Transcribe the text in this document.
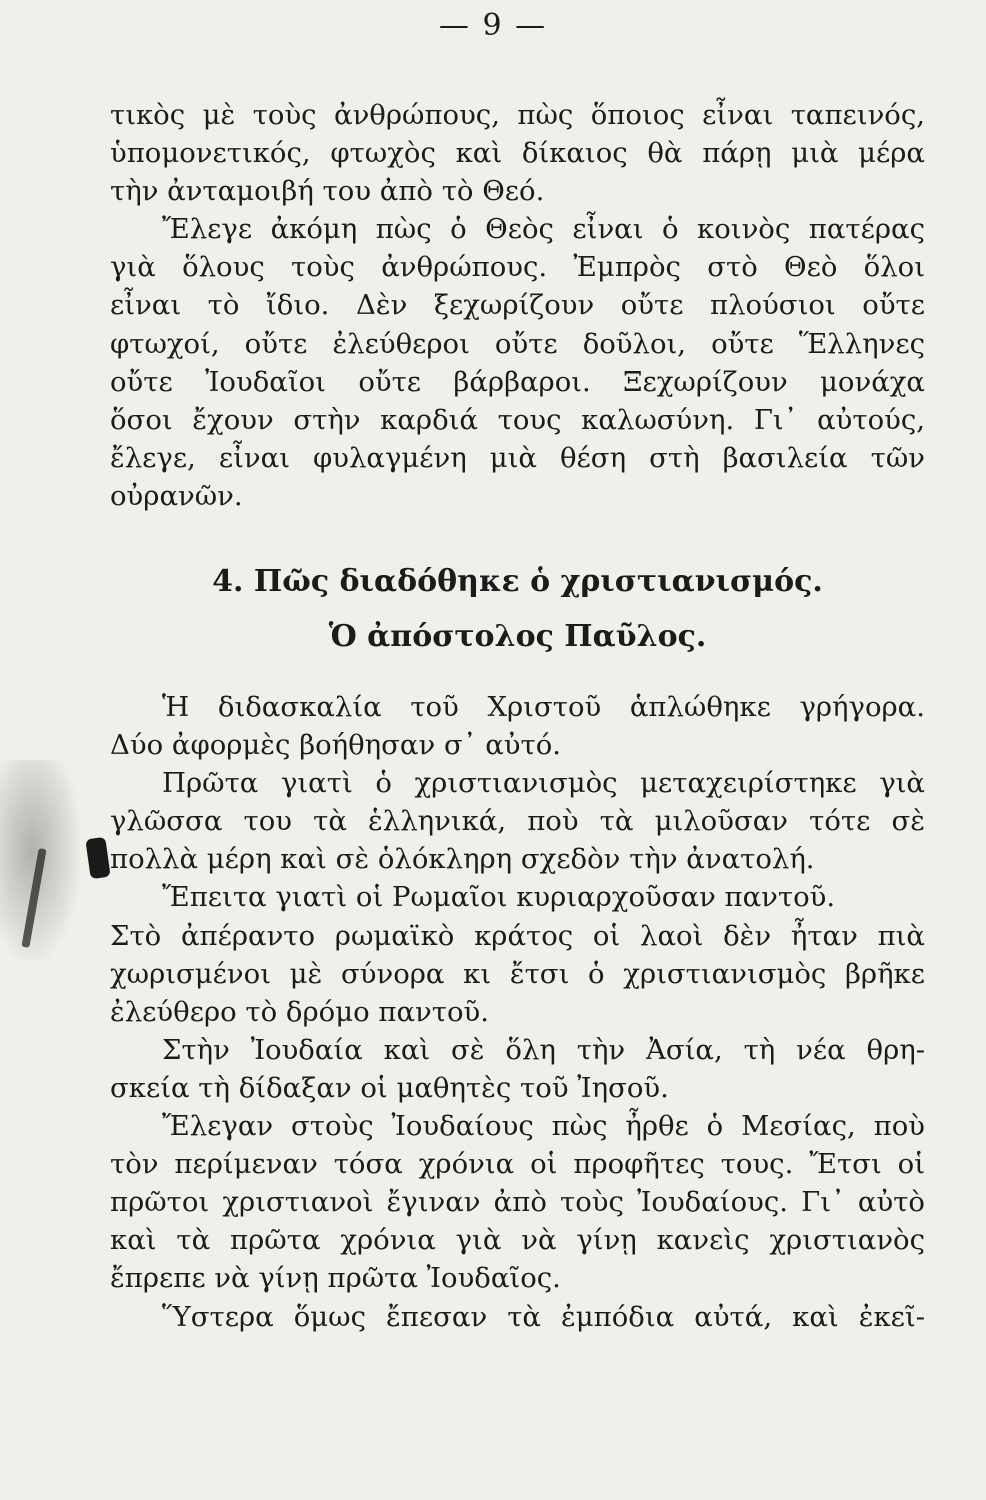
— 9 —

τικὸς μὲ τοὺς ἀνθρώπους, πὼς ὅποιος εἶναι ταπεινός,

ὑπομονετικός, φτωχὸς καὶ δίκαιος θὰ πάρῃ μιὰ μέρα

τὴν ἀνταμοιβή του ἀπὸ τὸ Θεό.

Ἔλεγε ἀκόμη πὼς ὁ Θεὸς εἶναι ὁ κοινὸς πατέρας

γιὰ ὅλους τοὺς ἀνθρώπους. Ἐμπρὸς στὸ Θεὸ ὅλοι

εἶναι τὸ ἴδιο. Δὲν ξεχωρίζουν οὔτε πλούσιοι οὔτε

φτωχοί, οὔτε ἐλεύθεροι οὔτε δοῦλοι, οὔτε Ἕλληνες

οὔτε Ἰουδαῖοι οὔτε βάρβαροι. Ξεχωρίζουν μονάχα

ὅσοι ἔχουν στὴν καρδιά τους καλωσύνη. Γι᾽ αὐτούς,

ἔλεγε, εἶναι φυλαγμένη μιὰ θέση στὴ βασιλεία τῶν

οὐρανῶν.

4. Πῶς διαδόθηκε ὁ χριστιανισμός.
Ὁ ἀπόστολος Παῦλος.

Ἡ διδασκαλία τοῦ Χριστοῦ ἁπλώθηκε γρήγορα.

Δύο ἀφορμὲς βοήθησαν σ᾽ αὐτό.

Πρῶτα γιατὶ ὁ χριστιανισμὸς μεταχειρίστηκε γιὰ

γλῶσσα του τὰ ἑλληνικά, ποὺ τὰ μιλοῦσαν τότε σὲ

πολλὰ μέρη καὶ σὲ ὁλόκληρη σχεδὸν τὴν ἀνατολή.

Ἔπειτα γιατὶ οἱ Ρωμαῖοι κυριαρχοῦσαν παντοῦ.

Στὸ ἀπέραντο ρωμαϊκὸ κράτος οἱ λαοὶ δὲν ἦταν πιὰ

χωρισμένοι μὲ σύνορα κι ἔτσι ὁ χριστιανισμὸς βρῆκε

ἐλεύθερο τὸ δρόμο παντοῦ.

Στὴν Ἰουδαία καὶ σὲ ὅλη τὴν Ἀσία, τὴ νέα θρη-

σκεία τὴ δίδαξαν οἱ μαθητὲς τοῦ Ἰησοῦ.

Ἔλεγαν στοὺς Ἰουδαίους πὼς ἦρθε ὁ Μεσίας, ποὺ

τὸν περίμεναν τόσα χρόνια οἱ προφῆτες τους. Ἔτσι οἱ

πρῶτοι χριστιανοὶ ἔγιναν ἀπὸ τοὺς Ἰουδαίους. Γι᾽ αὐτὸ

καὶ τὰ πρῶτα χρόνια γιὰ νὰ γίνῃ κανεὶς χριστιανὸς

ἔπρεπε νὰ γίνῃ πρῶτα Ἰουδαῖος.

Ὕστερα ὅμως ἔπεσαν τὰ ἐμπόδια αὐτά, καὶ ἐκεῖ-
